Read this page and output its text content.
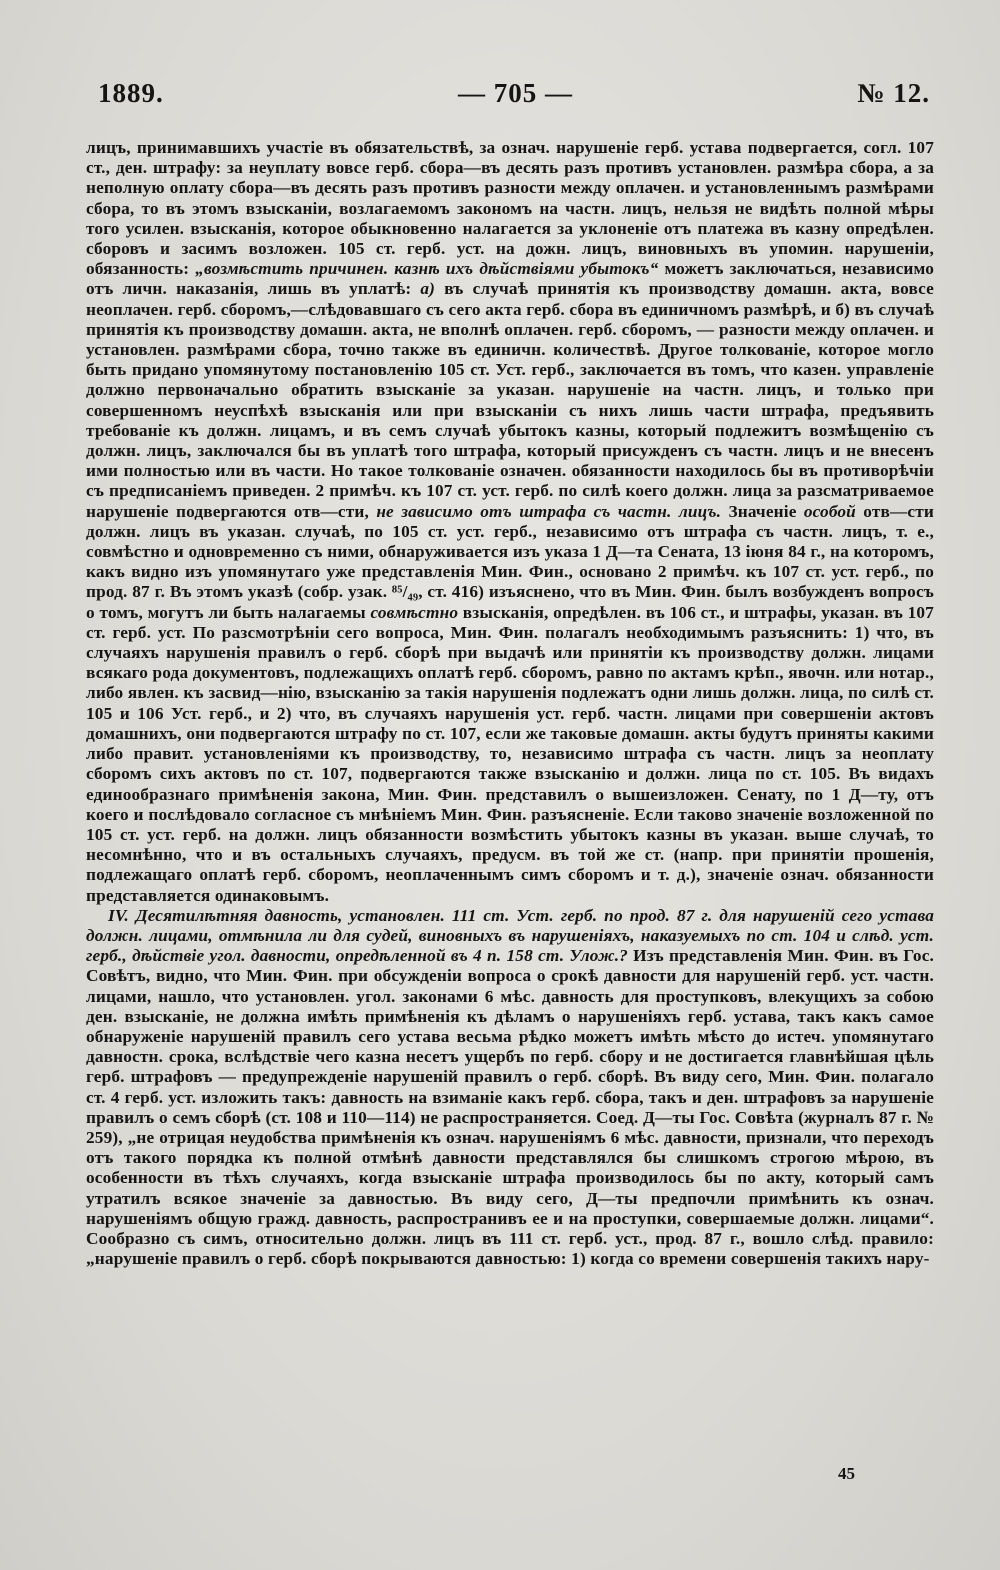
1889.	— 705 —	№ 12.

лицъ, принимавшихъ участіе въ обязательствѣ, за означ. нарушеніе герб. устава подвергается, согл. 107 ст., ден. штрафу: за неуплату вовсе герб. сбора—въ десять разъ противъ установлен. размѣра сбора, а за неполную оплату сбора—въ десять разъ противъ разности между оплачен. и установленнымъ размѣрами сбора, то въ этомъ взысканіи, возлагаемомъ закономъ на частн. лицъ, нельзя не видѣть полной мѣры того усилен. взысканія, которое обыкновенно налагается за уклоненіе отъ платежа въ казну опредѣлен. сборовъ и засимъ возложен. 105 ст. герб. уст. на дожн. лицъ, виновныхъ въ упомин. нарушеніи, обязанность: „возмѣстить причинен. казнѣ ихъ дѣйствіями убытокъ“ можетъ заключаться, независимо отъ личн. наказанія, лишь въ уплатѣ: а) въ случаѣ принятія къ производству домашн. акта, вовсе неоплачен. герб. сборомъ,—слѣдовавшаго съ сего акта герб. сбора въ единичномъ размѣрѣ, и б) въ случаѣ принятія къ производству домашн. акта, не вполнѣ оплачен. герб. сборомъ, — разности между оплачен. и установлен. размѣрами сбора, точно также въ единичн. количествѣ. Другое толкованіе, которое могло быть придано упомянутому постановленію 105 ст. Уст. герб., заключается въ томъ, что казен. управленіе должно первоначально обратить взысканіе за указан. нарушеніе на частн. лицъ, и только при совершенномъ неуспѣхѣ взысканія или при взысканіи съ нихъ лишь части штрафа, предъявить требованіе къ должн. лицамъ, и въ семъ случаѣ убытокъ казны, который подлежитъ возмѣщенію съ должн. лицъ, заключался бы въ уплатѣ того штрафа, который присужденъ съ частн. лицъ и не внесенъ ими полностью или въ части. Но такое толкованіе означен. обязанности находилось бы въ противорѣчіи съ предписаніемъ приведен. 2 примѣч. къ 107 ст. уст. герб. по силѣ коего должн. лица за разсматриваемое нарушеніе подвергаются отв—сти, не зависимо отъ штрафа съ частн. лицъ. Значеніе особой отв—сти должн. лицъ въ указан. случаѣ, по 105 ст. уст. герб., независимо отъ штрафа съ частн. лицъ, т. е., совмѣстно и одновременно съ ними, обнаруживается изъ указа 1 Д—та Сената, 13 іюня 84 г., на которомъ, какъ видно изъ упомянутаго уже представленія Мин. Фин., основано 2 примѣч. къ 107 ст. уст. герб., по прод. 87 г. Въ этомъ указѣ (собр. узак. ⁸⁵/₄₉, ст. 416) изъяснено, что въ Мин. Фин. былъ возбужденъ вопросъ о томъ, могутъ ли быть налагаемы совмѣстно взысканія, опредѣлен. въ 106 ст., и штрафы, указан. въ 107 ст. герб. уст. По разсмотрѣніи сего вопроса, Мин. Фин. полагалъ необходимымъ разъяснить: 1) что, въ случаяхъ нарушенія правилъ о герб. сборѣ при выдачѣ или принятіи къ производству должн. лицами всякаго рода документовъ, подлежащихъ оплатѣ герб. сборомъ, равно по актамъ крѣп., явочн. или нотар., либо явлен. къ засвид—нію, взысканію за такія нарушенія подлежатъ одни лишь должн. лица, по силѣ ст. 105 и 106 Уст. герб., и 2) что, въ случаяхъ нарушенія уст. герб. частн. лицами при совершеніи актовъ домашнихъ, они подвергаются штрафу по ст. 107, если же таковые домашн. акты будутъ приняты какими либо правит. установленіями къ производству, то, независимо штрафа съ частн. лицъ за неоплату сборомъ сихъ актовъ по ст. 107, подвергаются также взысканію и должн. лица по ст. 105. Въ видахъ единообразнаго примѣненія закона, Мин. Фин. представилъ о вышеизложен. Сенату, по 1 Д—ту, отъ коего и послѣдовало согласное съ мнѣніемъ Мин. Фин. разъясненіе. Если таково значеніе возложенной по 105 ст. уст. герб. на должн. лицъ обязанности возмѣстить убытокъ казны въ указан. выше случаѣ, то несомнѣнно, что и въ остальныхъ случаяхъ, предусм. въ той же ст. (напр. при принятіи прошенія, подлежащаго оплатѣ герб. сборомъ, неоплаченнымъ симъ сборомъ и т. д.), значеніе означ. обязанности представляется одинаковымъ.

IV. Десятилѣтняя давность, установлен. 111 ст. Уст. герб. по прод. 87 г. для нарушеній сего устава должн. лицами, отмѣнила ли для судей, виновныхъ въ нарушеніяхъ, наказуемыхъ по ст. 104 и слѣд. уст. герб., дѣйствіе угол. давности, опредѣленной въ 4 п. 158 ст. Улож.? Изъ представленія Мин. Фин. въ Гос. Совѣтъ, видно, что Мин. Фин. при обсужденіи вопроса о срокѣ давности для нарушеній герб. уст. частн. лицами, нашло, что установлен. угол. законами 6 мѣс. давность для проступковъ, влекущихъ за собою ден. взысканіе, не должна имѣть примѣненія къ дѣламъ о нарушеніяхъ герб. устава, такъ какъ самое обнаруженіе нарушеній правилъ сего устава весьма рѣдко можетъ имѣть мѣсто до истеч. упомянутаго давностн. срока, вслѣдствіе чего казна несетъ ущербъ по герб. сбору и не достигается главнѣйшая цѣль герб. штрафовъ — предупрежденіе нарушеній правилъ о герб. сборѣ. Въ виду сего, Мин. Фин. полагало ст. 4 герб. уст. изложить такъ: давность на взиманіе какъ герб. сбора, такъ и ден. штрафовъ за нарушеніе правилъ о семъ сборѣ (ст. 108 и 110—114) не распространяется. Соед. Д—ты Гос. Совѣта (журналъ 87 г. № 259), „не отрицая неудобства примѣненія къ означ. нарушеніямъ 6 мѣс. давности, признали, что переходъ отъ такого порядка къ полной отмѣнѣ давности представлялся бы слишкомъ строгою мѣрою, въ особенности въ тѣхъ случаяхъ, когда взысканіе штрафа производилось бы по акту, который самъ утратилъ всякое значеніе за давностью. Въ виду сего, Д—ты предпочли примѣнить къ означ. нарушеніямъ общую гражд. давность, распространивъ ее и на проступки, совершаемые должн. лицами“. Сообразно съ симъ, относительно должн. лицъ въ 111 ст. герб. уст., прод. 87 г., вошло слѣд. правило: „нарушеніе правилъ о герб. сборѣ покрываются давностью: 1) когда со времени совершенія такихъ нару-

45
